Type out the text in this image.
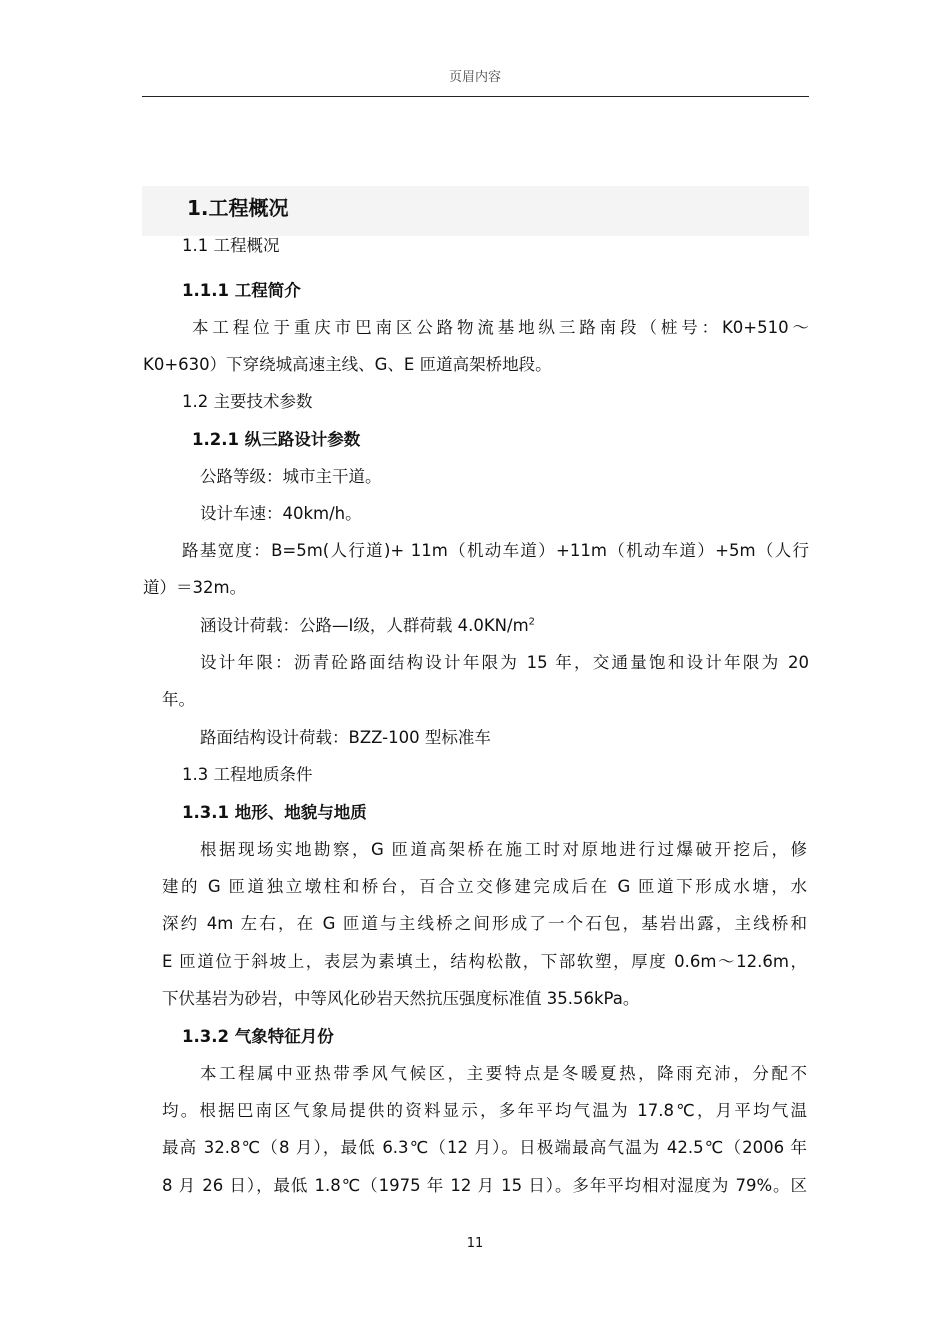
页眉内容
1.工程概况
1.1 工程概况
1.1.1 工程简介
本工程位于重庆市巴南区公路物流基地纵三路南段（桩号：K0+510～
K0+630）下穿绕城高速主线、G、E 匝道高架桥地段。
1.2 主要技术参数
1.2.1 纵三路设计参数
公路等级：城市主干道。
设计车速：40km/h。
路基宽度：B=5m(人行道)+ 11m（机动车道）+11m（机动车道）+5m（人行
道）＝32m。
涵设计荷载：公路—Ⅰ级，人群荷载 $4.0KN/m^2$
设计年限：沥青砼路面结构设计年限为 15 年，交通量饱和设计年限为 20
年。
路面结构设计荷载：BZZ-100 型标准车
1.3 工程地质条件
1.3.1 地形、地貌与地质
根据现场实地勘察，G 匝道高架桥在施工时对原地进行过爆破开挖后，修
建的 G 匝道独立墩柱和桥台，百合立交修建完成后在 G 匝道下形成水塘，水
深约 4m 左右，在 G 匝道与主线桥之间形成了一个石包，基岩出露，主线桥和
E 匝道位于斜坡上，表层为素填土，结构松散，下部软塑，厚度 0.6m～12.6m，
下伏基岩为砂岩，中等风化砂岩天然抗压强度标准值 35.56kPa。
1.3.2 气象特征月份
本工程属中亚热带季风气候区，主要特点是冬暖夏热，降雨充沛，分配不
均。根据巴南区气象局提供的资料显示，多年平均气温为 17.8℃，月平均气温
最高 32.8℃（8 月），最低 6.3℃（12 月）。日极端最高气温为 42.5℃（2006 年
8 月 26 日），最低 1.8℃（1975 年 12 月 15 日）。多年平均相对湿度为 79%。区
11
